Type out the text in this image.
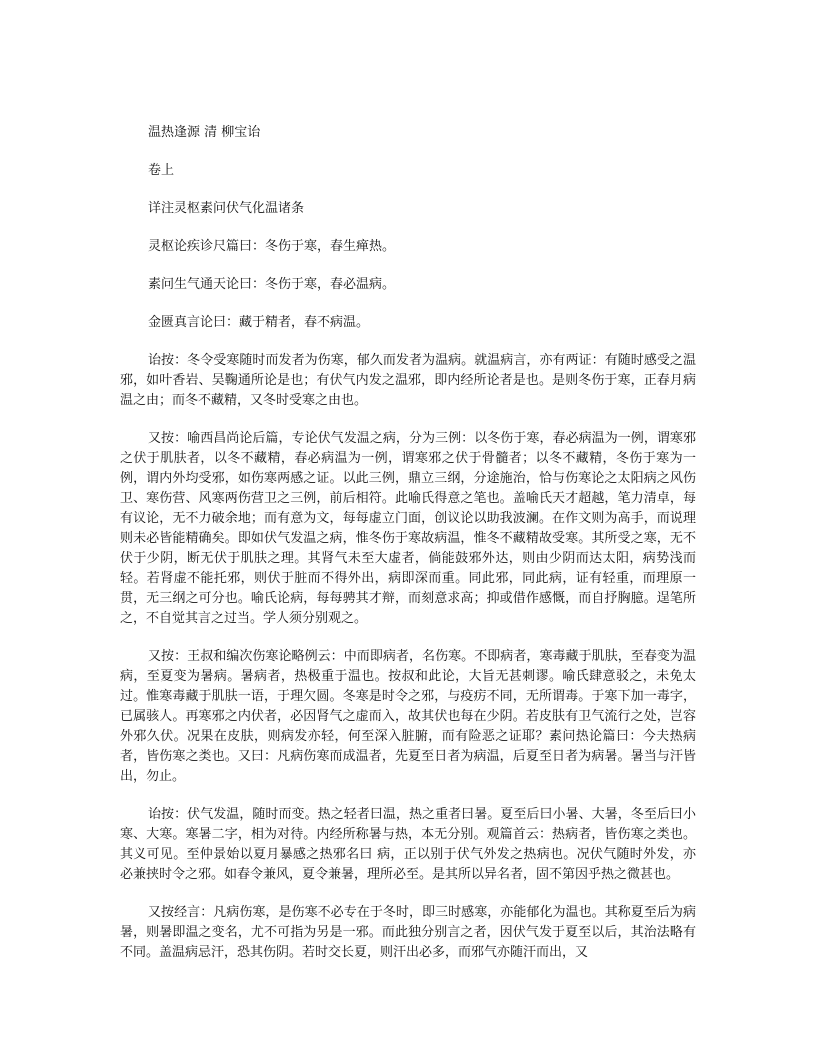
温热逢源 清 柳宝诒
卷上
详注灵枢素问伏气化温诸条
灵枢论疾诊尺篇曰：冬伤于寒，春生瘅热。
素问生气通天论曰：冬伤于寒，春必温病。
金匮真言论曰：藏于精者，春不病温。

诒按：冬令受寒随时而发者为伤寒，郁久而发者为温病。就温病言，亦有两证：有随时感受之温邪，如叶香岩、吴鞠通所论是也；有伏气内发之温邪，即内经所论者是也。是则冬伤于寒，正春月病温之由；而冬不藏精，又冬时受寒之由也。

又按：喻西昌尚论后篇，专论伏气发温之病，分为三例：以冬伤于寒，春必病温为一例，谓寒邪之伏于肌肤者，以冬不藏精，春必病温为一例，谓寒邪之伏于骨髓者；以冬不藏精，冬伤于寒为一例，谓内外均受邪，如伤寒两感之证。以此三例，鼎立三纲，分途施治，恰与伤寒论之太阳病之风伤卫、寒伤营、风寒两伤营卫之三例，前后相符。此喻氏得意之笔也。盖喻氏天才超越，笔力清卓，每有议论，无不力破余地；而有意为文，每每虚立门面，创议论以助我波澜。在作文则为高手，而说理则未必皆能精确矣。即如伏气发温之病，惟冬伤于寒故病温，惟冬不藏精故受寒。其所受之寒，无不伏于少阴，断无伏于肌肤之理。其肾气未至大虚者，倘能鼓邪外达，则由少阴而达太阳，病势浅而轻。若肾虚不能托邪，则伏于脏而不得外出，病即深而重。同此邪，同此病，证有轻重，而理原一贯，无三纲之可分也。喻氏论病，每每骋其才辩，而刻意求高；抑或借作感慨，而自抒胸臆。逞笔所之，不自觉其言之过当。学人须分别观之。

又按：王叔和编次伤寒论略例云：中而即病者，名伤寒。不即病者，寒毒藏于肌肤，至春变为温病，至夏变为暑病。暑病者，热极重于温也。按叔和此论，大旨无甚刺谬。喻氏肆意驳之，未免太过。惟寒毒藏于肌肤一语，于理欠圆。冬寒是时令之邪，与疫疠不同，无所谓毒。于寒下加一毒字，已属骇人。再寒邪之内伏者，必因肾气之虚而入，故其伏也每在少阴。若皮肤有卫气流行之处，岂容外邪久伏。况果在皮肤，则病发亦轻，何至深入脏腑，而有险恶之证耶？素问热论篇曰：今夫热病者，皆伤寒之类也。又曰：凡病伤寒而成温者，先夏至日者为病温，后夏至日者为病暑。暑当与汗皆出，勿止。

诒按：伏气发温，随时而变。热之轻者曰温，热之重者曰暑。夏至后曰小暑、大暑，冬至后曰小寒、大寒。寒暑二字，相为对待。内经所称暑与热，本无分别。观篇首云：热病者，皆伤寒之类也。其义可见。至仲景始以夏月暴感之热邪名曰 病，正以别于伏气外发之热病也。况伏气随时外发，亦必兼挟时令之邪。如春令兼风，夏令兼暑，理所必至。是其所以异名者，固不第因乎热之微甚也。

又按经言：凡病伤寒，是伤寒不必专在于冬时，即三时感寒，亦能郁化为温也。其称夏至后为病暑，则暑即温之变名，尤不可指为另是一邪。而此独分别言之者，因伏气发于夏至以后，其治法略有不同。盖温病忌汗，恐其伤阴。若时交长夏，则汗出必多，而邪气亦随汗而出，又
